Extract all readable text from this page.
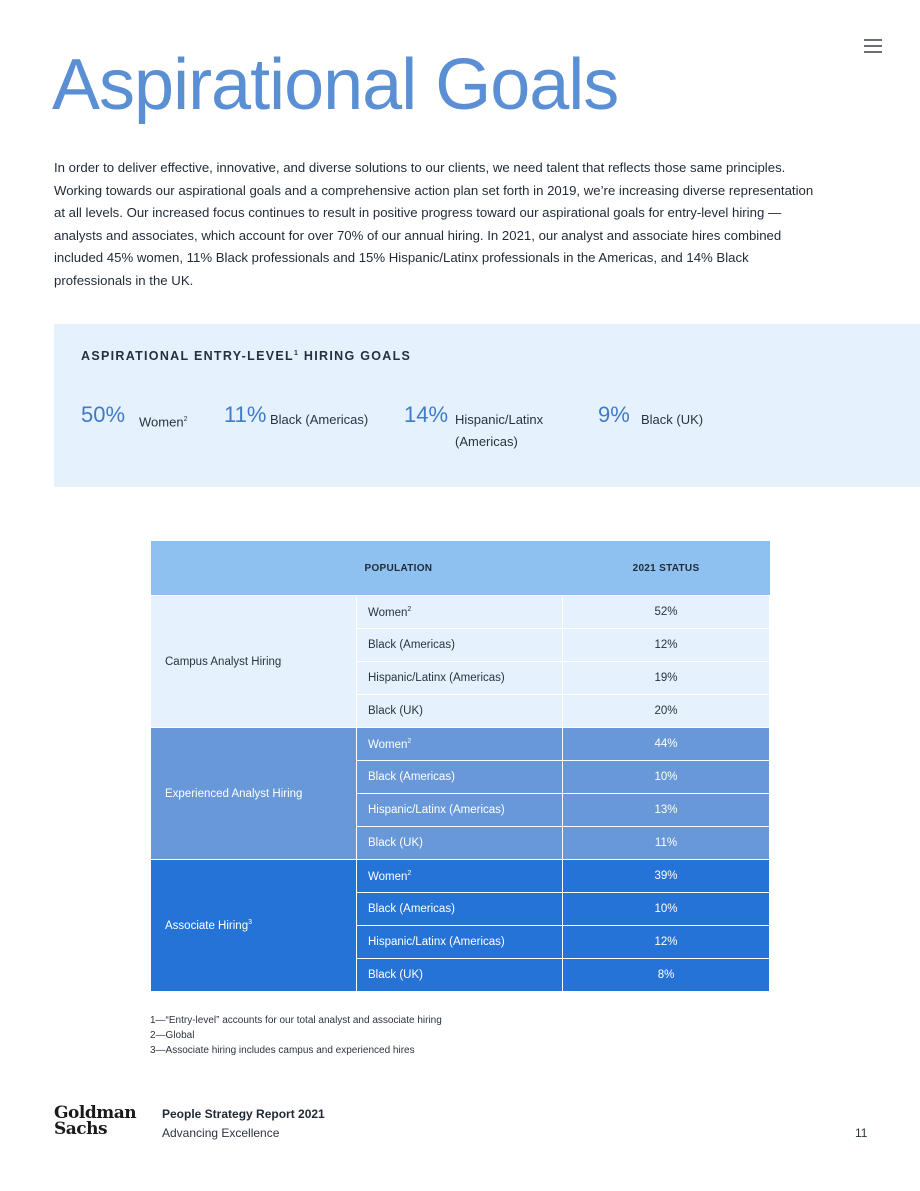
Aspirational Goals

In order to deliver effective, innovative, and diverse solutions to our clients, we need talent that reflects those same principles. Working towards our aspirational goals and a comprehensive action plan set forth in 2019, we’re increasing diverse representation at all levels. Our increased focus continues to result in positive progress toward our aspirational goals for entry-level hiring — analysts and associates, which account for over 70% of our annual hiring. In 2021, our analyst and associate hires combined included 45% women, 11% Black professionals and 15% Hispanic/Latinx professionals in the Americas, and 14% Black professionals in the UK.

ASPIRATIONAL ENTRY-LEVEL$^1$ HIRING GOALS
50% Women$^2$	11% Black (Americas)	14% Hispanic/Latinx (Americas)
9% Black (UK)
	POPULATION	2021 STATUS
Campus Analyst Hiring	Women$^2$	52%
	Black (Americas)	12%
	Hispanic/Latinx (Americas)	19%
	Black (UK)	20%
Experienced Analyst Hiring	Women$^2$	44%
	Black (Americas)	10%
	Hispanic/Latinx (Americas)	13%
	Black (UK)	11%
Associate Hiring$^3$	Women$^2$	39%
	Black (Americas)	10%
	Hispanic/Latinx (Americas)	12%
	Black (UK)	8%
1—“Entry-level” accounts for our total analyst and associate hiring
2—Global
3—Associate hiring includes campus and experienced hires
Goldman
Sachs
People Strategy Report 2021
Advancing Excellence	11
